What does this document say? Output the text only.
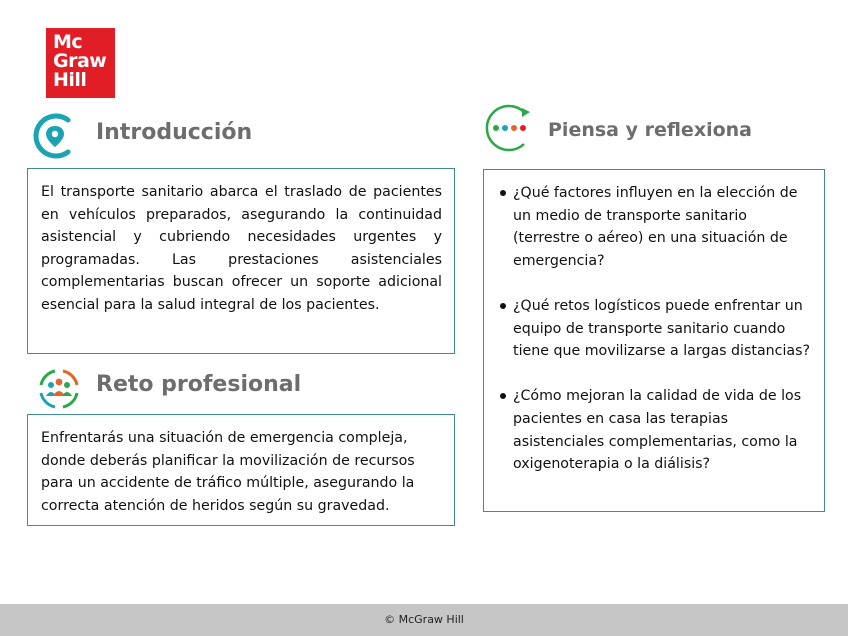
Mc
Graw
Hill
Introducción
El transporte sanitario abarca el traslado de pacientes en vehículos preparados, asegurando la continuidad asistencial y cubriendo necesidades urgentes y programadas. Las prestaciones asistenciales complementarias buscan ofrecer un soporte adicional esencial para la salud integral de los pacientes.
Reto profesional
Enfrentarás una situación de emergencia compleja, donde deberás planificar la movilización de recursos para un accidente de tráfico múltiple, asegurando la correcta atención de heridos según su gravedad.
Piensa y reflexiona
¿Qué factores influyen en la elección de un medio de transporte sanitario (terrestre o aéreo) en una situación de emergencia?
¿Qué retos logísticos puede enfrentar un equipo de transporte sanitario cuando tiene que movilizarse a largas distancias?
¿Cómo mejoran la calidad de vida de los pacientes en casa las terapias asistenciales complementarias, como la oxigenoterapia o la diálisis?
© McGraw Hill
